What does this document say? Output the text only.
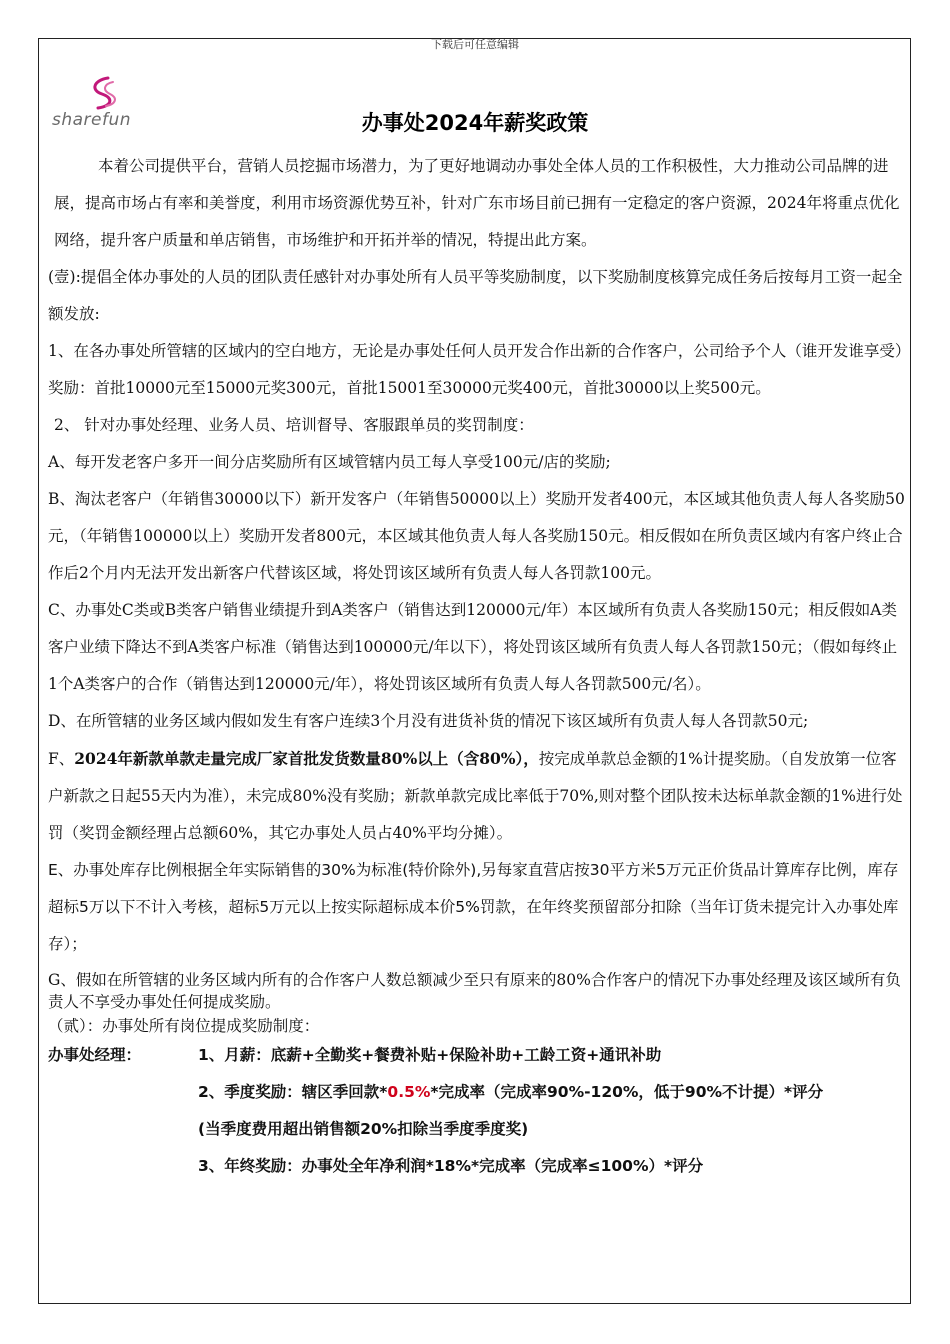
下载后可任意编辑
sharefun	办事处2024年薪奖政策

本着公司提供平台，营销人员挖掘市场潜力，为了更好地调动办事处全体人员的工作积极性，大力推动公司品牌的进展，提高市场占有率和美誉度，利用市场资源优势互补，针对广东市场目前已拥有一定稳定的客户资源，2024年将重点优化网络，提升客户质量和单店销售，市场维护和开拓并举的情况，特提出此方案。

(壹):提倡全体办事处的人员的团队责任感针对办事处所有人员平等奖励制度，以下奖励制度核算完成任务后按每月工资一起全额发放:

1、在各办事处所管辖的区域内的空白地方，无论是办事处任何人员开发合作出新的合作客户，公司给予个人（谁开发谁享受）奖励：首批10000元至15000元奖300元，首批15001至30000元奖400元，首批30000以上奖500元。

2、 针对办事处经理、业务人员、培训督导、客服跟单员的奖罚制度：

A、每开发老客户多开一间分店奖励所有区域管辖内员工每人享受100元/店的奖励;

B、淘汰老客户（年销售30000以下）新开发客户（年销售50000以上）奖励开发者400元，本区域其他负责人每人各奖励50元，（年销售100000以上）奖励开发者800元，本区域其他负责人每人各奖励150元。相反假如在所负责区域内有客户终止合作后2个月内无法开发出新客户代替该区域，将处罚该区域所有负责人每人各罚款100元。

C、办事处C类或B类客户销售业绩提升到A类客户（销售达到120000元/年）本区域所有负责人各奖励150元；相反假如A类客户业绩下降达不到A类客户标准（销售达到100000元/年以下），将处罚该区域所有负责人每人各罚款150元；（假如每终止1个A类客户的合作（销售达到120000元/年），将处罚该区域所有负责人每人各罚款500元/名）。

D、在所管辖的业务区域内假如发生有客户连续3个月没有进货补货的情况下该区域所有负责人每人各罚款50元;

F、2024年新款单款走量完成厂家首批发货数量80%以上（含80%），按完成单款总金额的1%计提奖励。（自发放第一位客户新款之日起55天内为准），未完成80%没有奖励；新款单款完成比率低于70%,则对整个团队按未达标单款金额的1%进行处罚（奖罚金额经理占总额60%，其它办事处人员占40%平均分摊）。

E、办事处库存比例根据全年实际销售的30%为标准(特价除外),另每家直营店按30平方米5万元正价货品计算库存比例，库存超标5万以下不计入考核，超标5万元以上按实际超标成本价5%罚款，在年终奖预留部分扣除（当年订货未提完计入办事处库存）；

G、假如在所管辖的业务区域内所有的合作客户人数总额减少至只有原来的80%合作客户的情况下办事处经理及该区域所有负责人不享受办事处任何提成奖励。

（贰）：办事处所有岗位提成奖励制度：

办事处经理：	1、月薪：底薪+全勤奖+餐费补贴+保险补助+工龄工资+通讯补助
2、季度奖励：辖区季回款*0.5%*完成率（完成率90%-120%，低于90%不计提）*评分
(当季度费用超出销售额20%扣除当季度季度奖)
3、年终奖励：办事处全年净利润*18%*完成率（完成率≤100%）*评分
